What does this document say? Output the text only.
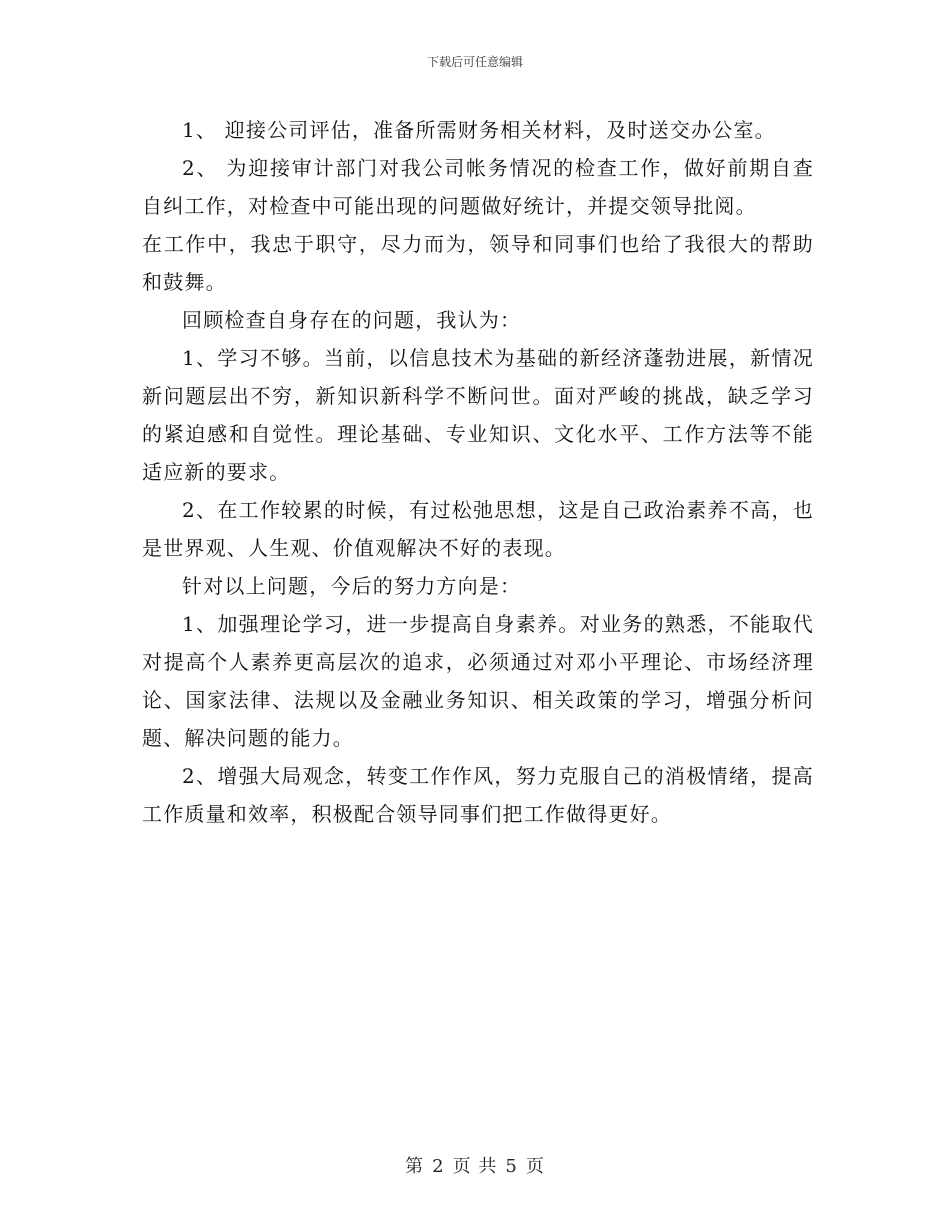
下载后可任意编辑

1、 迎接公司评估，准备所需财务相关材料，及时送交办公室。

2、 为迎接审计部门对我公司帐务情况的检查工作，做好前期自查自纠工作，对检查中可能出现的问题做好统计，并提交领导批阅。

在工作中，我忠于职守，尽力而为，领导和同事们也给了我很大的帮助和鼓舞。

回顾检查自身存在的问题，我认为：

1、学习不够。当前，以信息技术为基础的新经济蓬勃进展，新情况新问题层出不穷，新知识新科学不断问世。面对严峻的挑战，缺乏学习的紧迫感和自觉性。理论基础、专业知识、文化水平、工作方法等不能适应新的要求。

2、在工作较累的时候，有过松弛思想，这是自己政治素养不高，也是世界观、人生观、价值观解决不好的表现。

针对以上问题，今后的努力方向是：

1、加强理论学习，进一步提高自身素养。对业务的熟悉，不能取代对提高个人素养更高层次的追求，必须通过对邓小平理论、市场经济理论、国家法律、法规以及金融业务知识、相关政策的学习，增强分析问题、解决问题的能力。

2、增强大局观念，转变工作作风，努力克服自己的消极情绪，提高工作质量和效率，积极配合领导同事们把工作做得更好。

第 2 页 共 5 页
